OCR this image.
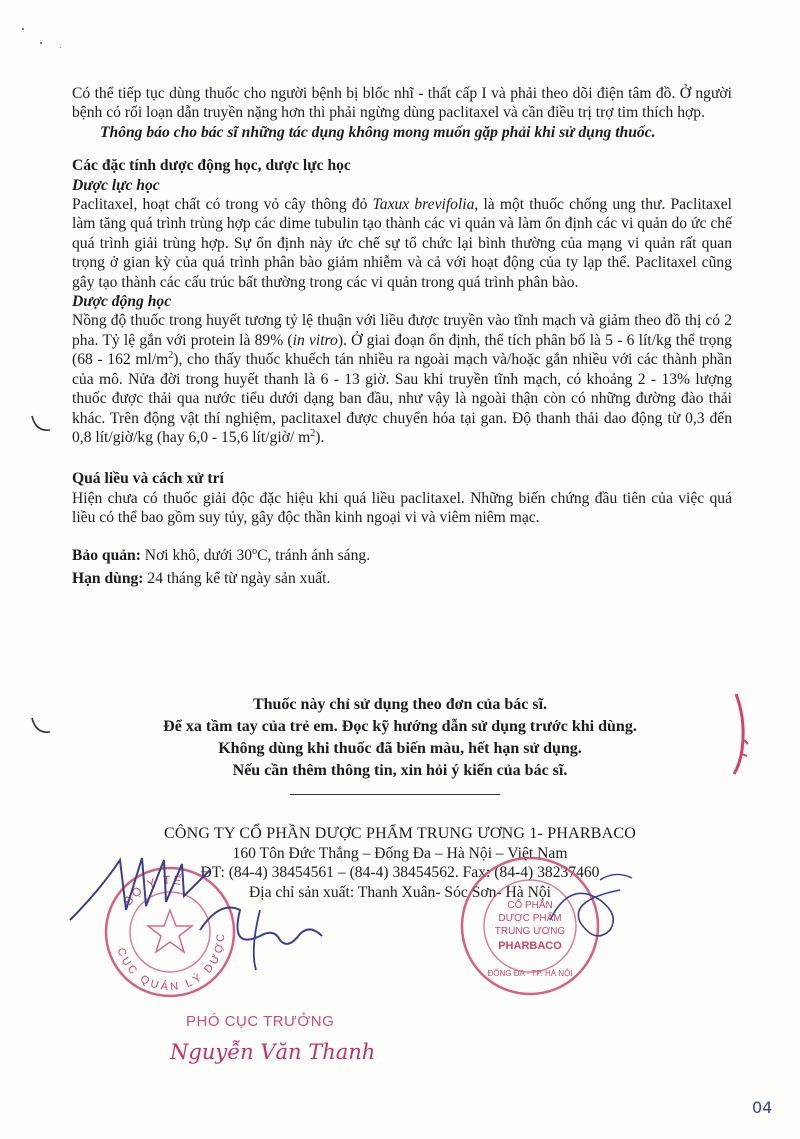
Có thể tiếp tục dùng thuốc cho người bệnh bị blốc nhĩ - thất cấp I và phải theo dõi điện tâm đồ. Ở người bệnh có rối loạn dẫn truyền nặng hơn thì phải ngừng dùng paclitaxel và cần điều trị trợ tim thích hợp.

Thông báo cho bác sĩ những tác dụng không mong muốn gặp phải khi sử dụng thuốc.

Các đặc tính dược động học, dược lực học

Dược lực học

Paclitaxel, hoạt chất có trong vỏ cây thông đỏ Taxux brevifolia, là một thuốc chống ung thư. Paclitaxel làm tăng quá trình trùng hợp các dime tubulin tạo thành các vi quản và làm ổn định các vi quản do ức chế quá trình giải trùng hợp. Sự ổn định này ức chế sự tổ chức lại bình thường của mạng vi quản rất quan trọng ở gian kỳ của quá trình phân bào giảm nhiễm và cả với hoạt động của ty lạp thể. Paclitaxel cũng gây tạo thành các cấu trúc bất thường trong các vi quản trong quá trình phân bào.

Dược động học

Nồng độ thuốc trong huyết tương tỷ lệ thuận với liều được truyền vào tĩnh mạch và giảm theo đồ thị có 2 pha. Tỷ lệ gắn với protein là 89% (in vitro). Ở giai đoạn ổn định, thể tích phân bố là 5 - 6 lít/kg thể trọng (68 - 162 $ml/m^2$), cho thấy thuốc khuếch tán nhiều ra ngoài mạch và/hoặc gắn nhiều với các thành phần của mô. Nửa đời trong huyết thanh là 6 - 13 giờ. Sau khi truyền tĩnh mạch, có khoảng 2 - 13% lượng thuốc được thải qua nước tiểu dưới dạng ban đầu, như vậy là ngoài thận còn có những đường đào thải khác. Trên động vật thí nghiệm, paclitaxel được chuyển hóa tại gan. Độ thanh thải dao động từ 0,3 đến 0,8 lít/giờ/kg (hay 6,0 - 15,6 lít/giờ/ $m^2$).

Quá liều và cách xử trí

Hiện chưa có thuốc giải độc đặc hiệu khi quá liều paclitaxel. Những biến chứng đầu tiên của việc quá liều có thể bao gồm suy tủy, gây độc thần kinh ngoại vi và viêm niêm mạc.

Bảo quản: Nơi khô, dưới 30$^o$C, tránh ánh sáng.

Hạn dùng: 24 tháng kể từ ngày sản xuất.

Thuốc này chỉ sử dụng theo đơn của bác sĩ.
Để xa tầm tay của trẻ em. Đọc kỹ hướng dẫn sử dụng trước khi dùng.
Không dùng khi thuốc đã biến màu, hết hạn sử dụng.
Nếu cần thêm thông tin, xin hỏi ý kiến của bác sĩ.
CÔNG TY CỔ PHẦN DƯỢC PHẨM TRUNG ƯƠNG 1- PHARBACO
160 Tôn Đức Thắng – Đống Đa – Hà Nội – Việt Nam
ĐT: (84-4) 38454561 – (84-4) 38454562. Fax: (84-4) 38237460
Địa chỉ sản xuất: Thanh Xuân- Sóc Sơn- Hà Nội
BỘ Y TẾ
CỤC QUẢN LÝ DƯỢC
CỔ PHẦN
DƯỢC PHẨM
TRUNG ƯƠNG
PHARBACO
ĐỐNG ĐA - TP. HÀ NỘI
PHÓ CỤC TRƯỞNG
Nguyễn Văn Thanh
04
